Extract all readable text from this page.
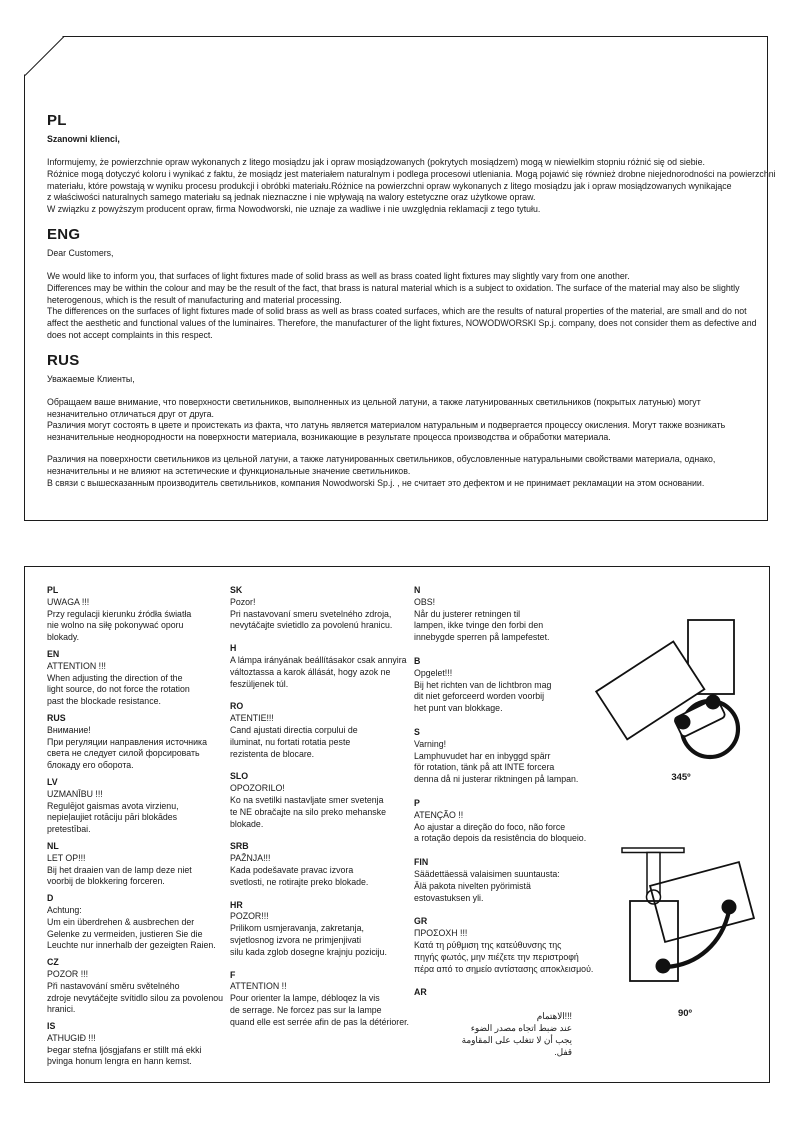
PL
Szanowni klienci,
Informujemy, że powierzchnie opraw wykonanych z litego mosiądzu jak i opraw mosiądzowanych (pokrytych mosiądzem) mogą w niewielkim stopniu różnić się od siebie.
Różnice mogą dotyczyć koloru i wynikać z faktu, że mosiądz jest materiałem naturalnym i podlega procesowi utleniania. Mogą pojawić się również drobne niejednorodności na powierzchni
materiału, które powstają w wyniku procesu produkcji i obróbki materiału.Różnice na powierzchni opraw wykonanych z litego mosiądzu jak i opraw mosiądzowanych wynikające
z właściwości naturalnych samego materiału są jednak nieznaczne i nie wpływają na walory estetyczne oraz użytkowe opraw.
W związku z powyższym producent opraw, firma Nowodworski, nie uznaje za wadliwe i nie uwzględnia reklamacji z tego tytułu.
ENG
Dear Customers,
We would like to inform you, that surfaces of light fixtures made of solid brass as well as brass coated light fixtures may slightly vary from one another.
Differences may be within the colour and may be the result of the fact, that brass is natural material which is a subject to oxidation. The surface of the material may also be slightly
heterogenous, which is the result of manufacturing and material processing.
The differences on the surfaces of light fixtures made of solid brass as well as brass coated surfaces, which are the results of natural properties of the material, are small and do not
affect the aesthetic and functional values of the luminaires. Therefore, the manufacturer of the light fixtures, NOWODWORSKI Sp.j. company, does not consider them as defective and
does not accept complaints in this respect.
RUS
Уважаемые Клиенты,
Обращаем ваше внимание, что поверхности светильников, выполненных из цельной латуни, а также латунированных светильников (покрытых латунью) могут
незначительно отличаться друг от друга.
Различия могут состоять в цвете и проистекать из факта, что латунь является материалом натуральным и подвергается процессу окисления. Могут также возникать
незначительные неоднородности на поверхности материала, возникающие в результате процесса производства и обработки материала.
Различия на поверхности светильников из цельной латуни, а также латунированных светильников, обусловленные натуральными свойствами материала, однако,
незначительны и не влияют на эстетические и функциональные значение светильников.
В связи с вышесказанным производитель светильников, компания Nowodworski Sp.j. , не считает это дефектом и не принимает рекламации на этом основании.
PL
UWAGA !!!
Przy regulacji kierunku źródła światła
nie wolno na siłę pokonywać oporu
blokady.
EN
ATTENTION !!!
When adjusting the direction of the
light source, do not force the rotation
past the blockade resistance.
RUS
Внимание!
При регуляции направления источника
света не следует силой форсировать
блокаду его оборота.
LV
UZMANĪBU !!!
Regulējot gaismas avota virzienu,
nepieļaujiet rotāciju pāri blokādes
pretestībai.
NL
LET OP!!!
Bij het draaien van de lamp deze niet
voorbij de blokkering forceren.
D
Achtung:
Um ein überdrehen & ausbrechen der
Gelenke zu vermeiden, justieren Sie die
Leuchte nur innerhalb der gezeigten Raien.
CZ
POZOR !!!
Při nastavování směru světelného
zdroje nevytáčejte svítidlo silou za povolenou
hranici.
IS
ATHUGIÐ !!!
Þegar stefna ljósgjafans er stillt má ekki
þvinga honum lengra en hann kemst.
SK
Pozor!
Pri nastavovaní smeru svetelného zdroja,
nevytáčajte svietidlo za povolenú hranicu.
H
A lámpa irányának beállításakor csak annyira
változtassa a karok állását, hogy azok ne
feszüljenek túl.
RO
ATENTIE!!!
Cand ajustati directia corpului de
iluminat, nu fortati rotatia peste
rezistenta de blocare.
SLO
OPOZORILO!
Ko na svetilki nastavljate smer svetenja
te NE obračajte na silo preko mehanske
blokade.
SRB
PAŽNJA!!!
Kada podešavate pravac izvora
svetlosti, ne rotirajte preko blokade.
HR
POZOR!!!
Prilikom usmjeravanja, zakretanja,
svjetlosnog izvora ne primjenjivati
silu kada zglob dosegne krajnju poziciju.
F
ATTENTION !!
Pour orienter la lampe, débloqez la vis
de serrage. Ne forcez pas sur la lampe
quand elle est serrée afin de pas la détériorer.
N
OBS!
Når du justerer retningen til
lampen, ikke tvinge den forbi den
innebygde sperren på lampefestet.
B
Opgelet!!!
Bij het richten van de lichtbron mag
dit niet geforceerd worden voorbij
het punt van blokkage.
S
Varning!
Lamphuvudet har en inbyggd spärr
för rotation, tänk på att INTE forcera
denna då ni justerar riktningen på lampan.
P
ATENÇÃO !!
Ao ajustar a direção do foco, não force
a rotação depois da resistência do bloqueio.
FIN
Säädettäessä valaisimen suuntausta:
Älä pakota nivelten pyörimistä
estovastuksen yli.
GR
ΠΡΟΣΟΧΗ !!!
Κατά τη ρύθμιση της κατεύθυνσης της
πηγής φωτός, μην πιέζετε την περιστροφή
πέρα από το σημείο αντίστασης αποκλεισμού.
AR
!!!الاهتمام
عند ضبط اتجاه مصدر الضوء
يجب أن لا تتغلب على المقاومة
قفل.
345º
90º
